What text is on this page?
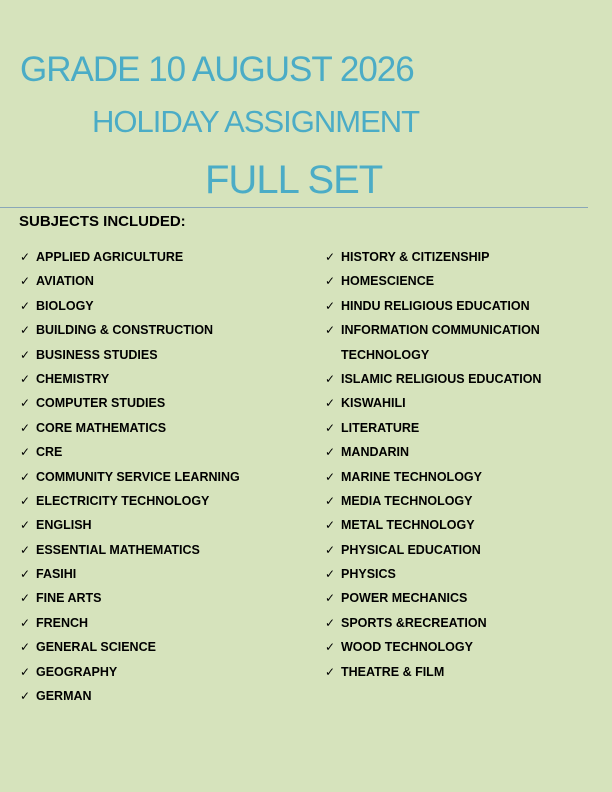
GRADE 10 AUGUST 2026
HOLIDAY ASSIGNMENT
FULL SET
SUBJECTS INCLUDED:
✓ APPLIED AGRICULTURE
✓ AVIATION
✓ BIOLOGY
✓ BUILDING & CONSTRUCTION
✓ BUSINESS STUDIES
✓ CHEMISTRY
✓ COMPUTER STUDIES
✓ CORE MATHEMATICS
✓ CRE
✓ COMMUNITY SERVICE LEARNING
✓ ELECTRICITY TECHNOLOGY
✓ ENGLISH
✓ ESSENTIAL MATHEMATICS
✓ FASIHI
✓ FINE ARTS
✓ FRENCH
✓ GENERAL SCIENCE
✓ GEOGRAPHY
✓ GERMAN
✓ HISTORY & CITIZENSHIP
✓ HOMESCIENCE
✓ HINDU RELIGIOUS EDUCATION
✓ INFORMATION COMMUNICATION TECHNOLOGY
✓ ISLAMIC RELIGIOUS EDUCATION
✓ KISWAHILI
✓ LITERATURE
✓ MANDARIN
✓ MARINE TECHNOLOGY
✓ MEDIA TECHNOLOGY
✓ METAL TECHNOLOGY
✓ PHYSICAL EDUCATION
✓ PHYSICS
✓ POWER MECHANICS
✓ SPORTS &RECREATION
✓ WOOD TECHNOLOGY
✓ THEATRE & FILM
